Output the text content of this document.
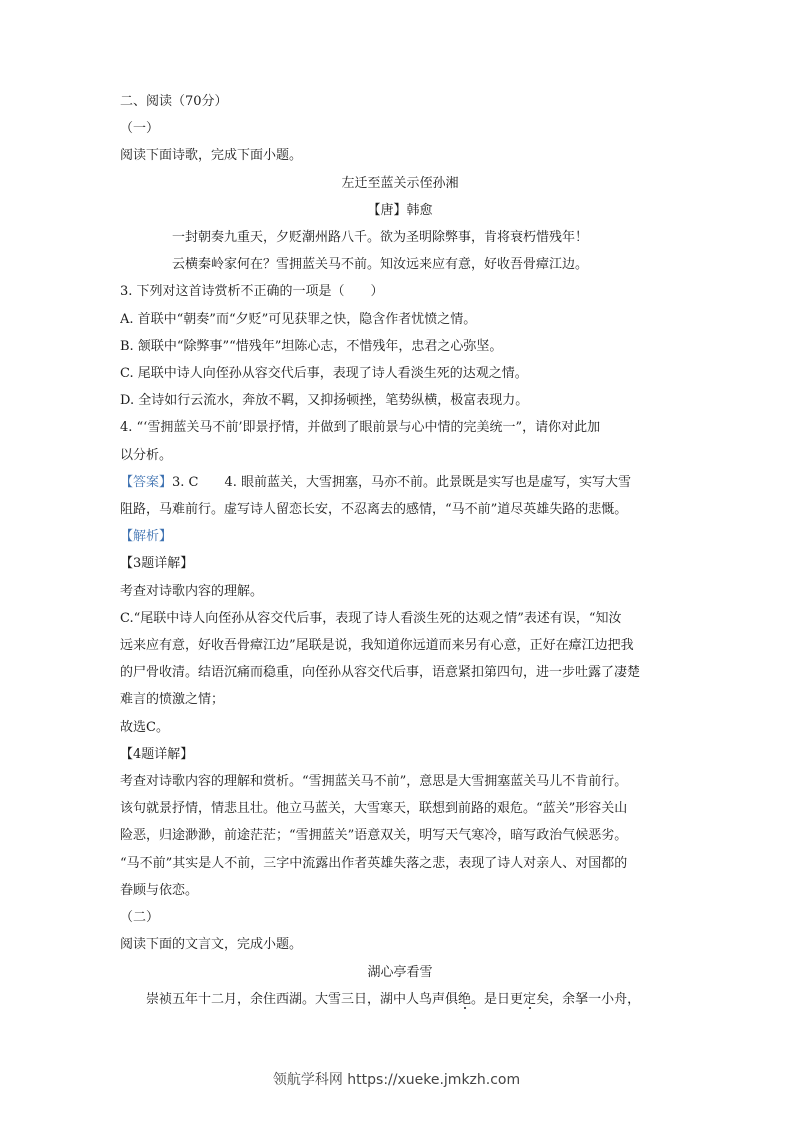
二、阅读（70分）

（一）

阅读下面诗歌，完成下面小题。

左迁至蓝关示侄孙湘

【唐】韩愈

一封朝奏九重天，夕贬潮州路八千。欲为圣明除弊事，肯将衰朽惜残年！

云横秦岭家何在？雪拥蓝关马不前。知汝远来应有意，好收吾骨瘴江边。

3. 下列对这首诗赏析不正确的一项是（　　）

A. 首联中“朝奏”而“夕贬”可见获罪之快，隐含作者忧愤之情。

B. 颔联中“除弊事”“惜残年”坦陈心志，不惜残年，忠君之心弥坚。

C. 尾联中诗人向侄孙从容交代后事，表现了诗人看淡生死的达观之情。

D. 全诗如行云流水，奔放不羁，又抑扬顿挫，笔势纵横，极富表现力。

4. “‘雪拥蓝关马不前’即景抒情，并做到了眼前景与心中情的完美统一”，请你对此加

以分析。

【答案】3. C　　4. 眼前蓝关，大雪拥塞，马亦不前。此景既是实写也是虚写，实写大雪

阻路，马难前行。虚写诗人留恋长安，不忍离去的感情，“马不前”道尽英雄失路的悲慨。

【解析】

【3题详解】

考查对诗歌内容的理解。

C.“尾联中诗人向侄孙从容交代后事，表现了诗人看淡生死的达观之情”表述有误，“知汝

远来应有意，好收吾骨瘴江边”尾联是说，我知道你远道而来另有心意，正好在瘴江边把我

的尸骨收清。结语沉痛而稳重，向侄孙从容交代后事，语意紧扣第四句，进一步吐露了凄楚

难言的愤激之情；

故选C。

【4题详解】

考查对诗歌内容的理解和赏析。“雪拥蓝关马不前”，意思是大雪拥塞蓝关马儿不肯前行。

该句就景抒情，情悲且壮。他立马蓝关，大雪寒天，联想到前路的艰危。“蓝关”形容关山

险恶，归途渺渺，前途茫茫；“雪拥蓝关”语意双关，明写天气寒冷，暗写政治气候恶劣。

“马不前”其实是人不前，三字中流露出作者英雄失落之悲，表现了诗人对亲人、对国都的

眷顾与依恋。

（二）

阅读下面的文言文，完成小题。

湖心亭看雪

崇祯五年十二月，余住西湖。大雪三日，湖中人鸟声俱绝。是日更定矣，余拏一小舟，

领航学科网 https://xueke.jmkzh.com
